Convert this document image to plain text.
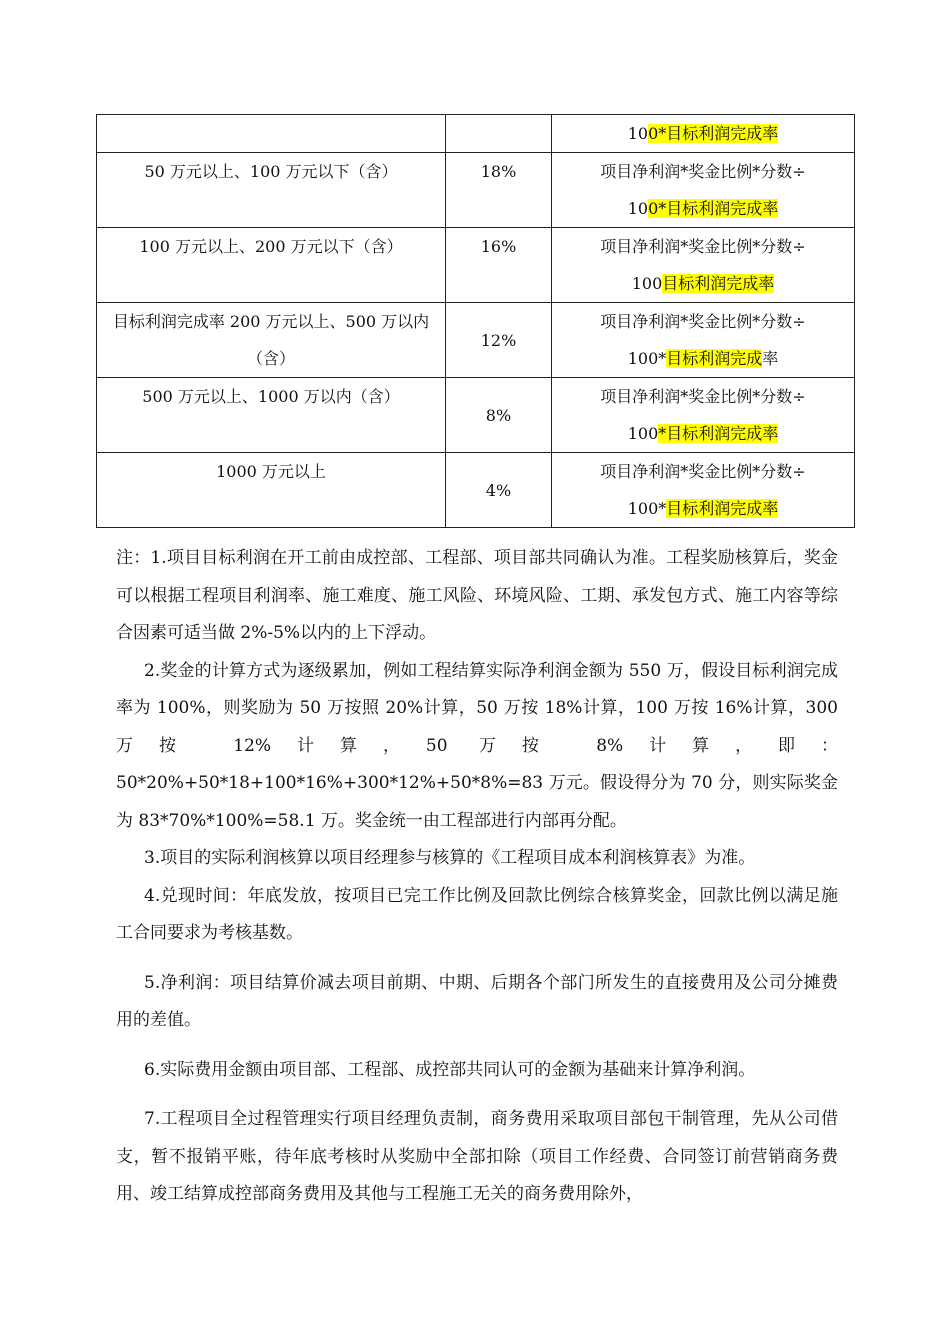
		100*目标利润完成率

50 万元以上、100 万元以下（含）	18%	项目净利润*奖金比例*分数÷
100*目标利润完成率

100 万元以上、200 万元以下（含）	16%	项目净利润*奖金比例*分数÷
100目标利润完成率

目标利润完成率 200 万元以上、500 万以内（含）	12%	项目净利润*奖金比例*分数÷
100*目标利润完成率

500 万元以上、1000 万以内（含）	8%	项目净利润*奖金比例*分数÷
100*目标利润完成率

1000 万元以上	4%	项目净利润*奖金比例*分数÷
100*目标利润完成率

注：1.项目目标利润在开工前由成控部、工程部、项目部共同确认为准。工程奖励核算后，奖金可以根据工程项目利润率、施工难度、施工风险、环境风险、工期、承发包方式、施工内容等综合因素可适当做 2%-5%以内的上下浮动。

2.奖金的计算方式为逐级累加，例如工程结算实际净利润金额为 550 万，假设目标利润完成率为 100%，则奖励为 50 万按照 20%计算，50 万按 18%计算，100 万按 16%计算，300 万按 12%计算，50 万按 8%计算，即：50*20%+50*18+100*16%+300*12%+50*8%=83 万元。假设得分为 70 分，则实际奖金为 83*70%*100%=58.1 万。奖金统一由工程部进行内部再分配。

3.项目的实际利润核算以项目经理参与核算的《工程项目成本利润核算表》为准。

4.兑现时间：年底发放，按项目已完工作比例及回款比例综合核算奖金，回款比例以满足施工合同要求为考核基数。

5.净利润：项目结算价减去项目前期、中期、后期各个部门所发生的直接费用及公司分摊费用的差值。

6.实际费用金额由项目部、工程部、成控部共同认可的金额为基础来计算净利润。

7.工程项目全过程管理实行项目经理负责制，商务费用采取项目部包干制管理，先从公司借支，暂不报销平账，待年底考核时从奖励中全部扣除（项目工作经费、合同签订前营销商务费用、竣工结算成控部商务费用及其他与工程施工无关的商务费用除外，
